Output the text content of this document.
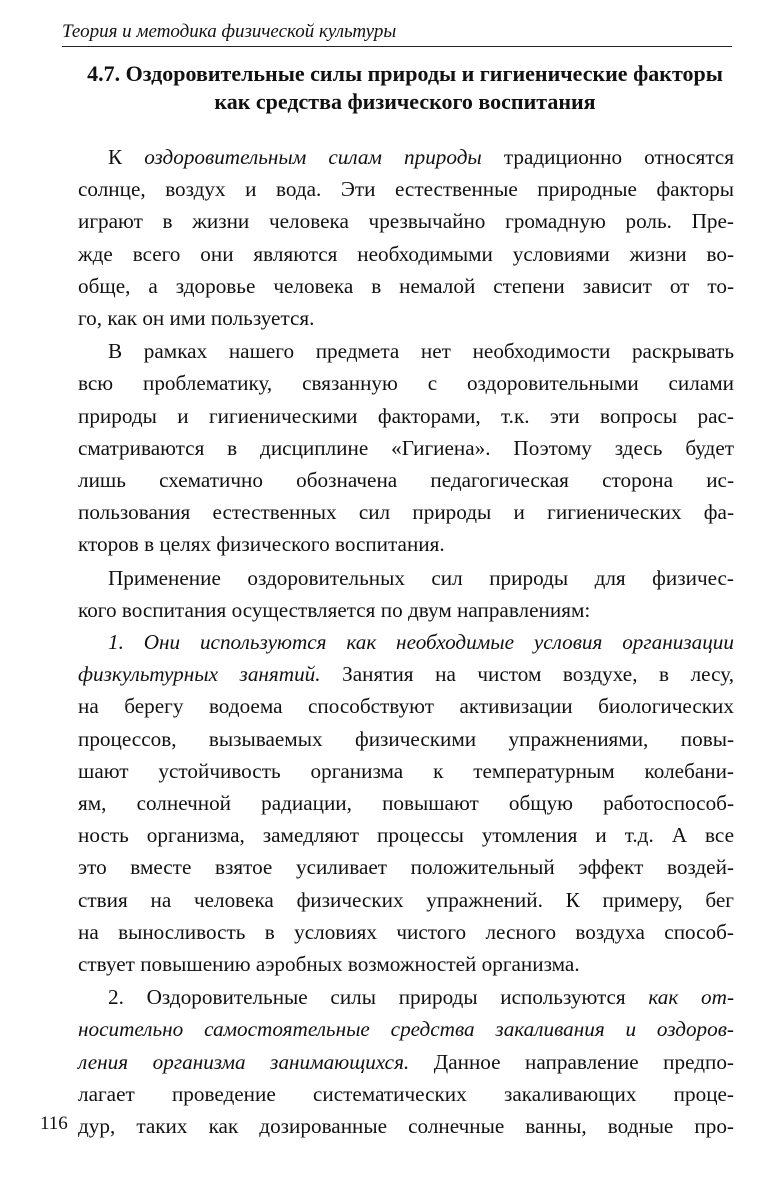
Теория и методика физической культуры
4.7. Оздоровительные силы природы и гигиенические факторы
как средства физического воспитания

К оздоровительным силам природы традиционно относятся
солнце, воздух и вода. Эти естественные природные факторы
играют в жизни человека чрезвычайно громадную роль. Пре-
жде всего они являются необходимыми условиями жизни во-
обще, а здоровье человека в немалой степени зависит от то-
го, как он ими пользуется.

В рамках нашего предмета нет необходимости раскрывать
всю проблематику, связанную с оздоровительными силами
природы и гигиеническими факторами, т.к. эти вопросы рас-
сматриваются в дисциплине «Гигиена». Поэтому здесь будет
лишь схематично обозначена педагогическая сторона ис-
пользования естественных сил природы и гигиенических фа-
кторов в целях физического воспитания.

Применение оздоровительных сил природы для физичес-
кого воспитания осуществляется по двум направлениям:

1. Они используются как необходимые условия организации
физкультурных занятий. Занятия на чистом воздухе, в лесу,
на берегу водоема способствуют активизации биологических
процессов, вызываемых физическими упражнениями, повы-
шают устойчивость организма к температурным колебани-
ям, солнечной радиации, повышают общую работоспособ-
ность организма, замедляют процессы утомления и т.д. А все
это вместе взятое усиливает положительный эффект воздей-
ствия на человека физических упражнений. К примеру, бег
на выносливость в условиях чистого лесного воздуха способ-
ствует повышению аэробных возможностей организма.

2. Оздоровительные силы природы используются как от-
носительно самостоятельные средства закаливания и оздоров-
ления организма занимающихся. Данное направление предпо-
лагает проведение систематических закаливающих проце-
дур, таких как дозированные солнечные ванны, водные про-

116
